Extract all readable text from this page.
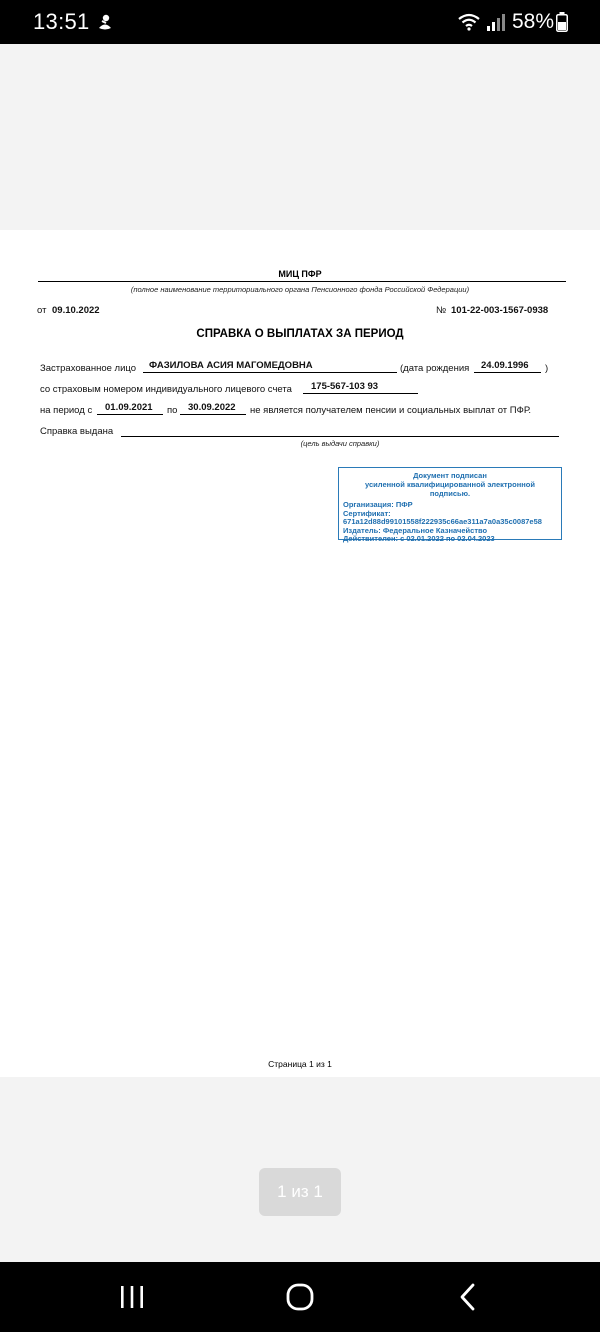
13:51	58%
МИЦ ПФР
(полное наименование территориального органа Пенсионного фонда Российской Федерации)
от 09.10.2022	№ 101-22-003-1567-0938
СПРАВКА О ВЫПЛАТАХ ЗА ПЕРИОД
Застрахованное лицо ФАЗИЛОВА АСИЯ МАГОМЕДОВНА	(дата рождения 24.09.1996 )
со страховым номером индивидуального лицевого счета 175-567-103 93
на период с 01.09.2021 по 30.09.2022 не является получателем пенсии и социальных выплат от ПФР.
Справка выдана
(цель выдачи справки)
Документ подписан
усиленной квалифицированной электронной
подписью.
Организация: ПФР
Сертификат:
671a12d88d99101558f222935c66ae311a7a0a35c0087e58
Издатель: Федеральное Казначейство
Действителен: с 02.01.2022 по 02.04.2023
Страница 1 из 1
1 из 1
